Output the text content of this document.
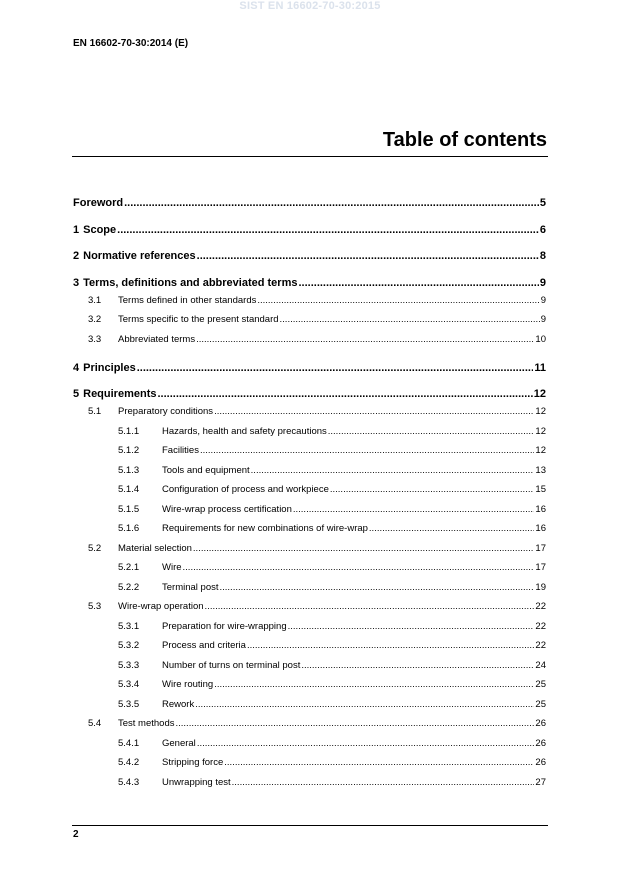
SIST EN 16602-70-30:2015
EN 16602-70-30:2014 (E)
Table of contents
Foreword .....	5
1 Scope .....	6
2 Normative references .....	8
3 Terms, definitions and abbreviated terms .....	9
3.1	Terms defined in other standards .....	9
3.2	Terms specific to the present standard .....	9
3.3	Abbreviated terms .....	10
4 Principles .....	11
5 Requirements .....	12
5.1	Preparatory conditions .....	12
5.1.1	Hazards, health and safety precautions .....	12
5.1.2	Facilities .....	12
5.1.3	Tools and equipment .....	13
5.1.4	Configuration of process and workpiece .....	15
5.1.5	Wire-wrap process certification .....	16
5.1.6	Requirements for new combinations of wire-wrap .....	16
5.2	Material selection .....	17
5.2.1	Wire .....	17
5.2.2	Terminal post .....	19
5.3	Wire-wrap operation .....	22
5.3.1	Preparation for wire-wrapping .....	22
5.3.2	Process and criteria .....	22
5.3.3	Number of turns on terminal post .....	24
5.3.4	Wire routing .....	25
5.3.5	Rework .....	25
5.4	Test methods .....	26
5.4.1	General .....	26
5.4.2	Stripping force .....	26
5.4.3	Unwrapping test .....	27
2
